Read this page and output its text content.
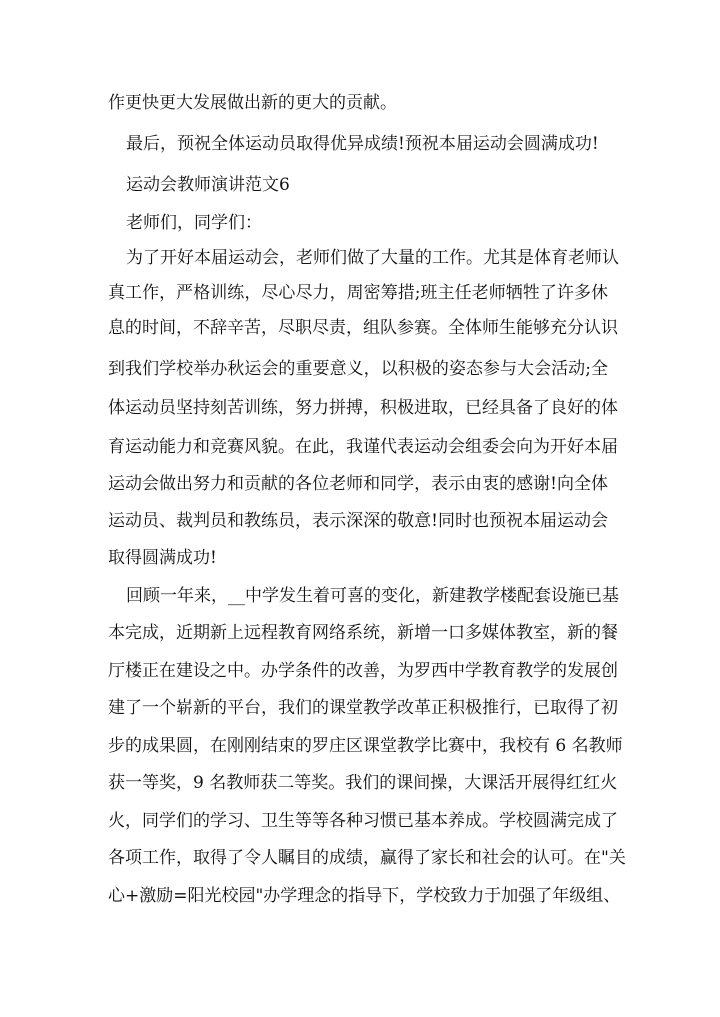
作更快更大发展做出新的更大的贡献。
最后，预祝全体运动员取得优异成绩!预祝本届运动会圆满成功!
运动会教师演讲范文6
老师们，同学们：
为了开好本届运动会，老师们做了大量的工作。尤其是体育老师认
真工作，严格训练，尽心尽力，周密筹措;班主任老师牺牲了许多休
息的时间，不辞辛苦，尽职尽责，组队参赛。全体师生能够充分认识
到我们学校举办秋运会的重要意义，以积极的姿态参与大会活动;全
体运动员坚持刻苦训练，努力拼搏，积极进取，已经具备了良好的体
育运动能力和竞赛风貌。在此，我谨代表运动会组委会向为开好本届
运动会做出努力和贡献的各位老师和同学，表示由衷的感谢!向全体
运动员、裁判员和教练员，表示深深的敬意!同时也预祝本届运动会
取得圆满成功!
回顾一年来，__中学发生着可喜的变化，新建教学楼配套设施已基
本完成，近期新上远程教育网络系统，新增一口多媒体教室，新的餐
厅楼正在建设之中。办学条件的改善，为罗西中学教育教学的发展创
建了一个崭新的平台，我们的课堂教学改革正积极推行，已取得了初
步的成果圆，在刚刚结束的罗庄区课堂教学比赛中，我校有 6 名教师
获一等奖，9 名教师获二等奖。我们的课间操，大课活开展得红红火
火，同学们的学习、卫生等等各种习惯已基本养成。学校圆满完成了
各项工作，取得了令人瞩目的成绩，赢得了家长和社会的认可。在"关
心+激励=阳光校园"办学理念的指导下，学校致力于加强了年级组、
